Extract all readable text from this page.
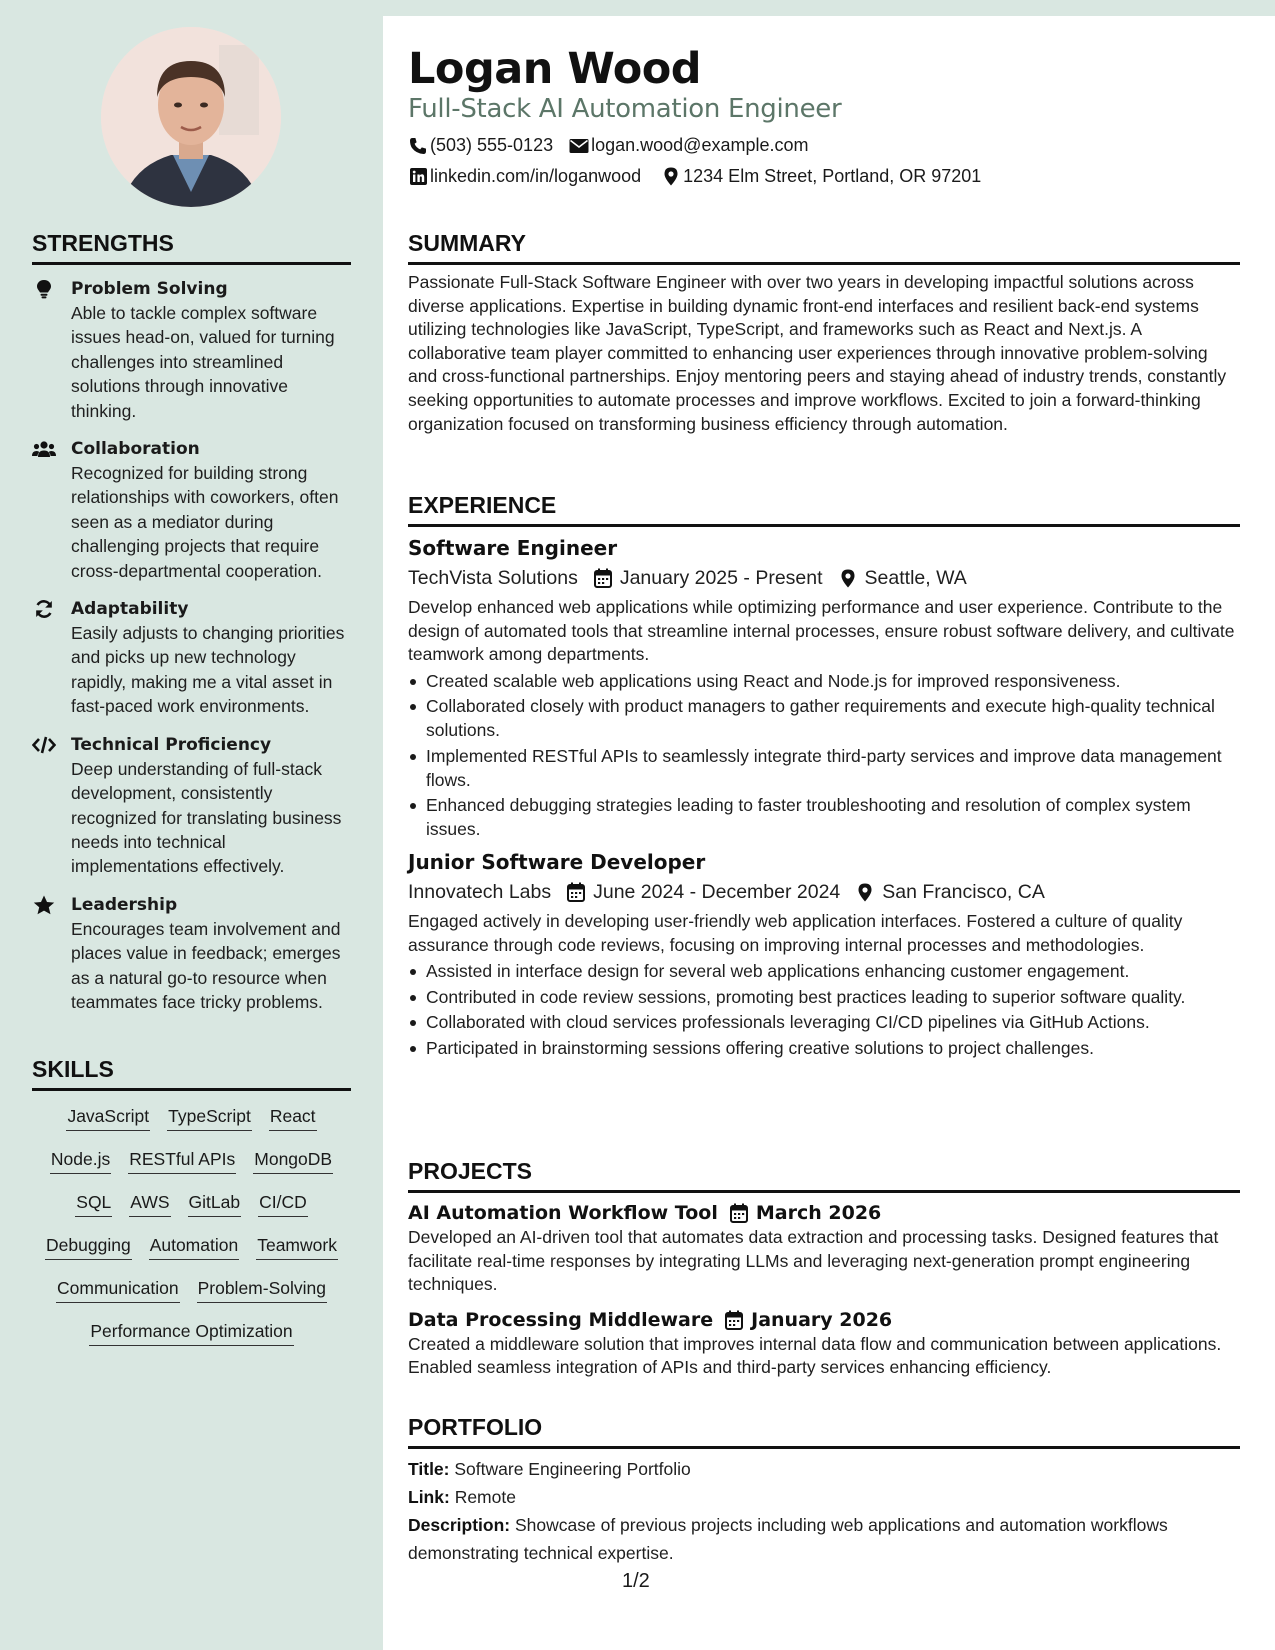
STRENGTHS
Problem Solving
Able to tackle complex software issues head-on, valued for turning challenges into streamlined solutions through innovative thinking.
Collaboration
Recognized for building strong relationships with coworkers, often seen as a mediator during challenging projects that require cross-departmental cooperation.
Adaptability
Easily adjusts to changing priorities and picks up new technology rapidly, making me a vital asset in fast-paced work environments.
Technical Proficiency
Deep understanding of full-stack development, consistently recognized for translating business needs into technical implementations effectively.
Leadership
Encourages team involvement and places value in feedback; emerges as a natural go-to resource when teammates face tricky problems.
SKILLS
JavaScript TypeScript React
Node.js RESTful APIs MongoDB
SQL AWS GitLab CI/CD
Debugging Automation Teamwork
Communication Problem-Solving
Performance Optimization
Logan Wood
Full-Stack AI Automation Engineer
(503) 555-0123 logan.wood@example.com
linkedin.com/in/loganwood 1234 Elm Street, Portland, OR 97201
SUMMARY
Passionate Full-Stack Software Engineer with over two years in developing impactful solutions across diverse applications. Expertise in building dynamic front-end interfaces and resilient back-end systems utilizing technologies like JavaScript, TypeScript, and frameworks such as React and Next.js. A collaborative team player committed to enhancing user experiences through innovative problem-solving and cross-functional partnerships. Enjoy mentoring peers and staying ahead of industry trends, constantly seeking opportunities to automate processes and improve workflows. Excited to join a forward-thinking organization focused on transforming business efficiency through automation.
EXPERIENCE
Software Engineer
TechVista Solutions January 2025 - Present Seattle, WA
Develop enhanced web applications while optimizing performance and user experience. Contribute to the design of automated tools that streamline internal processes, ensure robust software delivery, and cultivate teamwork among departments.
Created scalable web applications using React and Node.js for improved responsiveness.
Collaborated closely with product managers to gather requirements and execute high-quality technical solutions.
Implemented RESTful APIs to seamlessly integrate third-party services and improve data management flows.
Enhanced debugging strategies leading to faster troubleshooting and resolution of complex system issues.
Junior Software Developer
Innovatech Labs June 2024 - December 2024 San Francisco, CA
Engaged actively in developing user-friendly web application interfaces. Fostered a culture of quality assurance through code reviews, focusing on improving internal processes and methodologies.
Assisted in interface design for several web applications enhancing customer engagement.
Contributed in code review sessions, promoting best practices leading to superior software quality.
Collaborated with cloud services professionals leveraging CI/CD pipelines via GitHub Actions.
Participated in brainstorming sessions offering creative solutions to project challenges.
PROJECTS
AI Automation Workflow Tool March 2026
Developed an AI-driven tool that automates data extraction and processing tasks. Designed features that facilitate real-time responses by integrating LLMs and leveraging next-generation prompt engineering techniques.
Data Processing Middleware January 2026
Created a middleware solution that improves internal data flow and communication between applications. Enabled seamless integration of APIs and third-party services enhancing efficiency.
PORTFOLIO
Title: Software Engineering Portfolio
Link: Remote
Description: Showcase of previous projects including web applications and automation workflows demonstrating technical expertise.
1/2
